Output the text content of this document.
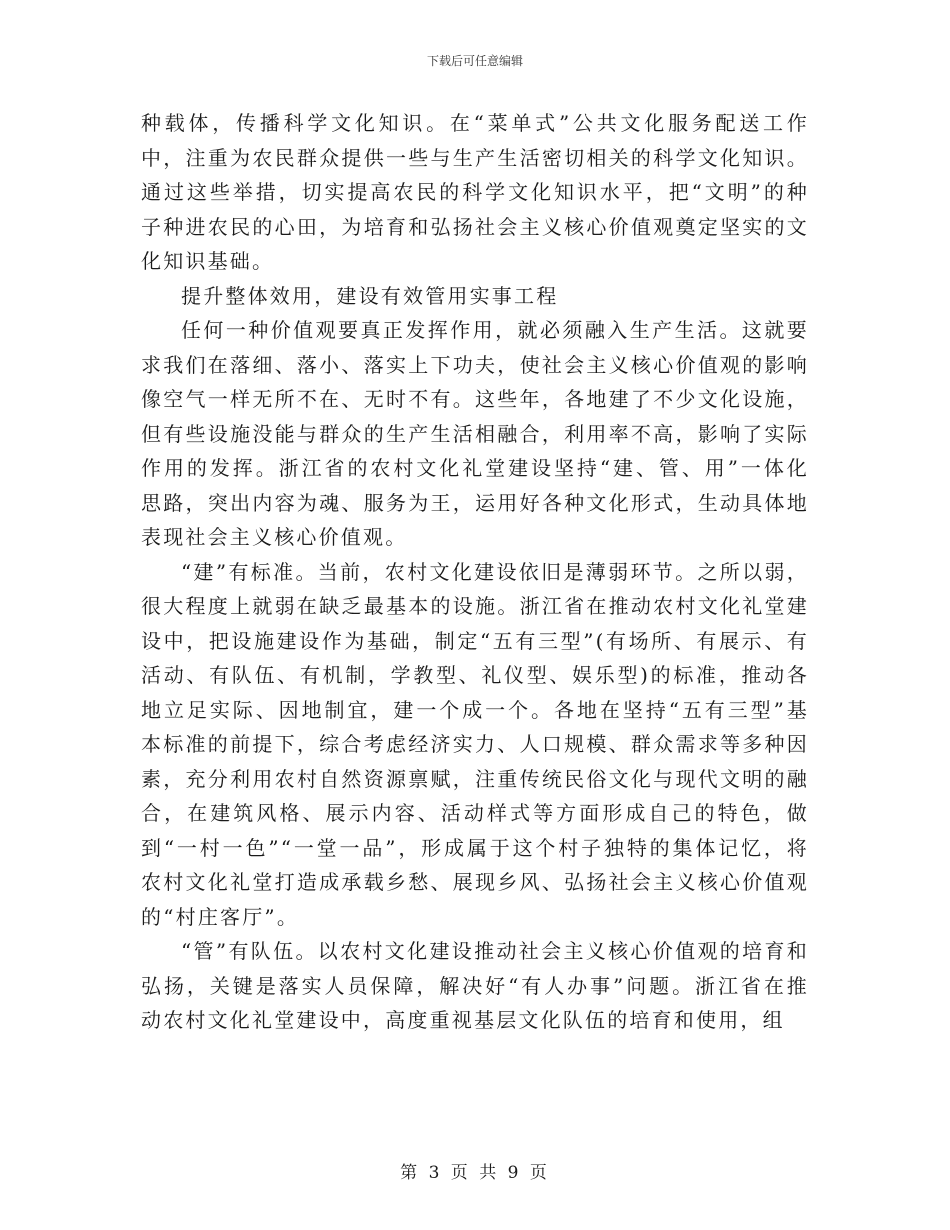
下载后可任意编辑

种载体，传播科学文化知识。在“菜单式”公共文化服务配送工作中，注重为农民群众提供一些与生产生活密切相关的科学文化知识。通过这些举措，切实提高农民的科学文化知识水平，把“文明”的种子种进农民的心田，为培育和弘扬社会主义核心价值观奠定坚实的文化知识基础。

提升整体效用，建设有效管用实事工程

任何一种价值观要真正发挥作用，就必须融入生产生活。这就要求我们在落细、落小、落实上下功夫，使社会主义核心价值观的影响像空气一样无所不在、无时不有。这些年，各地建了不少文化设施，但有些设施没能与群众的生产生活相融合，利用率不高，影响了实际作用的发挥。浙江省的农村文化礼堂建设坚持“建、管、用”一体化思路，突出内容为魂、服务为王，运用好各种文化形式，生动具体地表现社会主义核心价值观。

“建”有标准。当前，农村文化建设依旧是薄弱环节。之所以弱，很大程度上就弱在缺乏最基本的设施。浙江省在推动农村文化礼堂建设中，把设施建设作为基础，制定“五有三型”(有场所、有展示、有活动、有队伍、有机制，学教型、礼仪型、娱乐型)的标准，推动各地立足实际、因地制宜，建一个成一个。各地在坚持“五有三型”基本标准的前提下，综合考虑经济实力、人口规模、群众需求等多种因素，充分利用农村自然资源禀赋，注重传统民俗文化与现代文明的融合，在建筑风格、展示内容、活动样式等方面形成自己的特色，做到“一村一色”“一堂一品”，形成属于这个村子独特的集体记忆，将农村文化礼堂打造成承载乡愁、展现乡风、弘扬社会主义核心价值观的“村庄客厅”。

“管”有队伍。以农村文化建设推动社会主义核心价值观的培育和弘扬，关键是落实人员保障，解决好“有人办事”问题。浙江省在推动农村文化礼堂建设中，高度重视基层文化队伍的培育和使用，组

第 3 页 共 9 页
